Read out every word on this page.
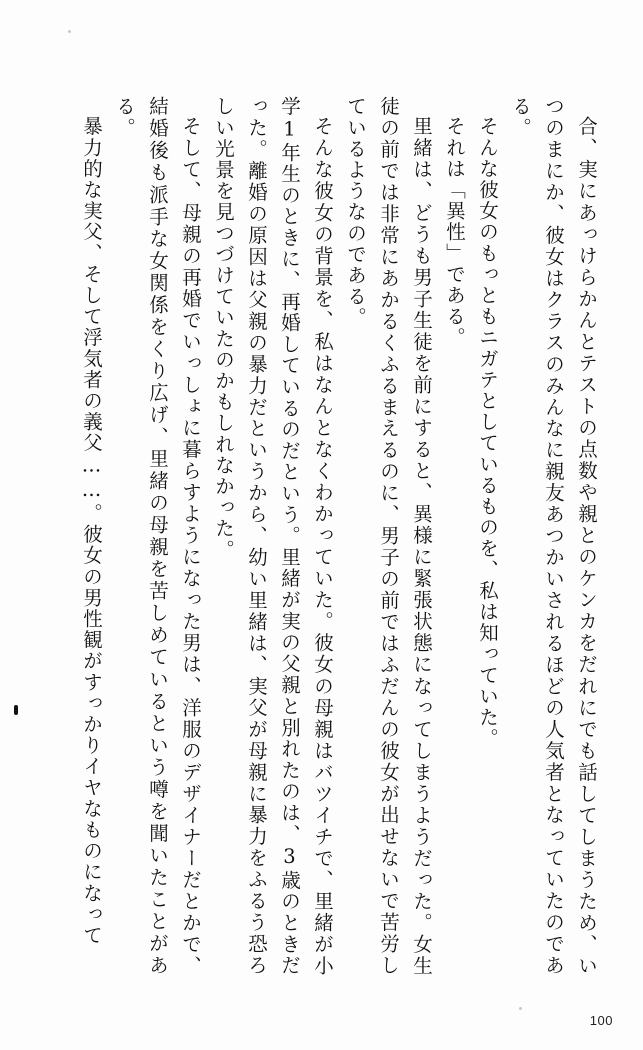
合、実にあっけらかんとテストの点数や親とのケンカをだれにでも話してしまうため、いつのまにか、彼女はクラスのみんなに親友あつかいされるほどの人気者となっていたのである。

そんな彼女のもっともニガテとしているものを、私は知っていた。

それは「異性」である。

里緒は、どうも男子生徒を前にすると、異様に緊張状態になってしまうようだった。女生徒の前では非常にあかるくふるまえるのに、男子の前ではふだんの彼女が出せないで苦労しているようなのである。

そんな彼女の背景を、私はなんとなくわかっていた。彼女の母親はバツイチで、里緒が小学1年生のときに、再婚しているのだという。里緒が実の父親と別れたのは、3歳のときだった。離婚の原因は父親の暴力だというから、幼い里緒は、実父が母親に暴力をふるう恐ろしい光景を見つづけていたのかもしれなかった。

そして、母親の再婚でいっしょに暮らすようになった男は、洋服のデザイナーだとかで、結婚後も派手な女関係をくり広げ、里緒の母親を苦しめているという噂を聞いたことがある。

暴力的な実父、そして浮気者の義父……。彼女の男性観がすっかりイヤなものになって

100
